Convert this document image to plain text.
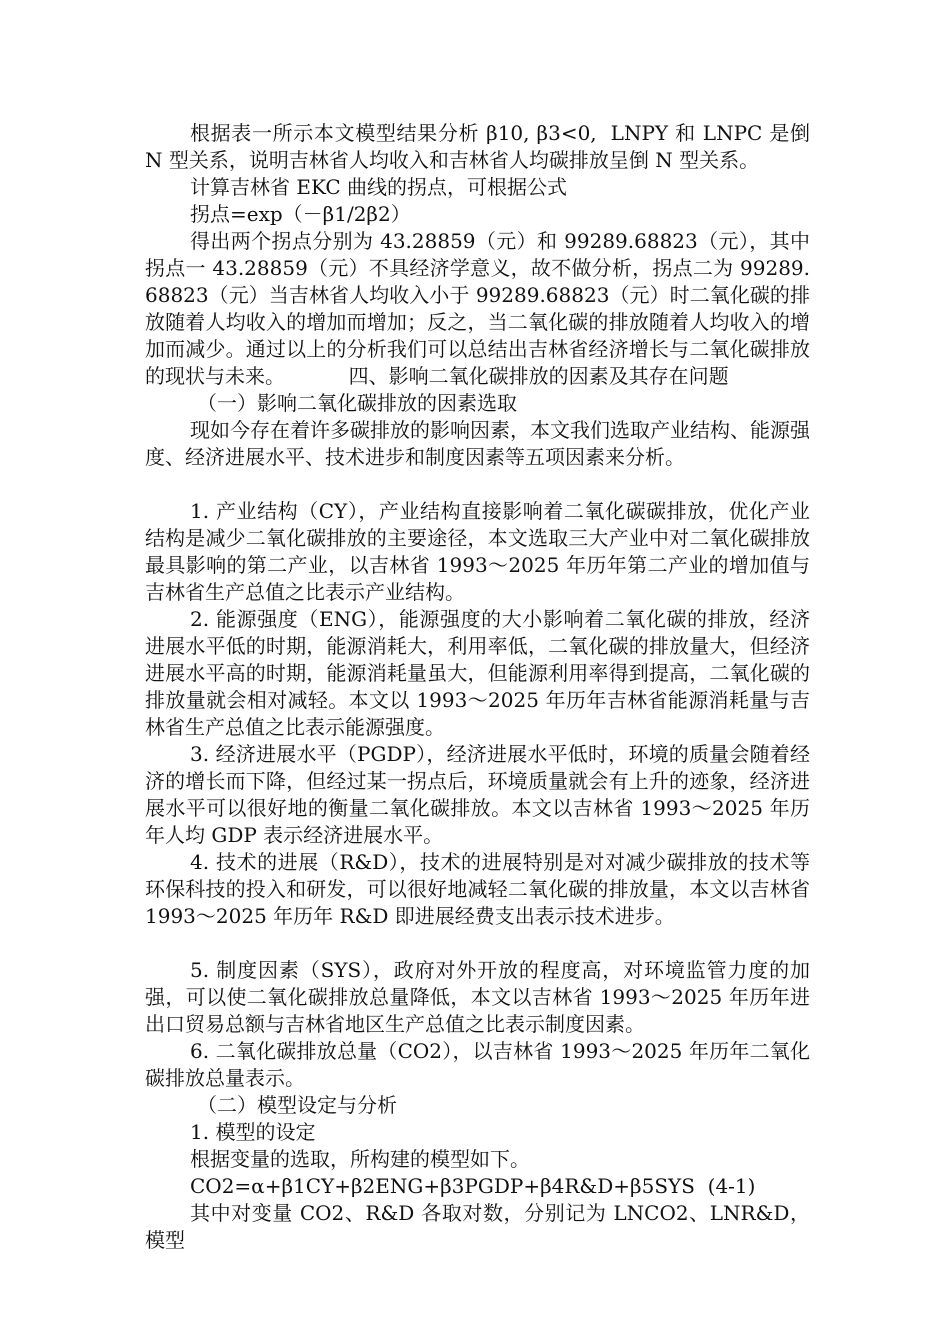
根据表一所示本文模型结果分析 β10, β3<0,  LNPY 和 LNPC 是倒 N 型关系，说明吉林省人均收入和吉林省人均碳排放呈倒 N 型关系。

计算吉林省 EKC 曲线的拐点，可根据公式

拐点=exp（－β1/2β2）

得出两个拐点分别为 43.28859（元）和 99289.68823（元），其中拐点一 43.28859（元）不具经济学意义，故不做分析，拐点二为 99289.68823（元）当吉林省人均收入小于 99289.68823（元）时二氧化碳的排放随着人均收入的增加而增加；反之，当二氧化碳的排放随着人均收入的增加而减少。通过以上的分析我们可以总结出吉林省经济增长与二氧化碳排放的现状与未来。          四、影响二氧化碳排放的因素及其存在问题

（一）影响二氧化碳排放的因素选取

现如今存在着许多碳排放的影响因素，本文我们选取产业结构、能源强度、经济进展水平、技术进步和制度因素等五项因素来分析。

1. 产业结构（CY），产业结构直接影响着二氧化碳碳排放，优化产业结构是减少二氧化碳排放的主要途径，本文选取三大产业中对二氧化碳排放最具影响的第二产业，以吉林省 1993～2025 年历年第二产业的增加值与吉林省生产总值之比表示产业结构。

2. 能源强度（ENG），能源强度的大小影响着二氧化碳的排放，经济进展水平低的时期，能源消耗大，利用率低，二氧化碳的排放量大，但经济进展水平高的时期，能源消耗量虽大，但能源利用率得到提高，二氧化碳的排放量就会相对减轻。本文以 1993～2025 年历年吉林省能源消耗量与吉林省生产总值之比表示能源强度。

3. 经济进展水平（PGDP），经济进展水平低时，环境的质量会随着经济的增长而下降，但经过某一拐点后，环境质量就会有上升的迹象，经济进展水平可以很好地的衡量二氧化碳排放。本文以吉林省 1993～2025 年历年人均 GDP 表示经济进展水平。

4. 技术的进展（R&D），技术的进展特别是对对减少碳排放的技术等环保科技的投入和研发，可以很好地减轻二氧化碳的排放量，本文以吉林省 1993～2025 年历年 R&D 即进展经费支出表示技术进步。

5. 制度因素（SYS），政府对外开放的程度高，对环境监管力度的加强，可以使二氧化碳排放总量降低，本文以吉林省 1993～2025 年历年进出口贸易总额与吉林省地区生产总值之比表示制度因素。

6. 二氧化碳排放总量（CO2），以吉林省 1993～2025 年历年二氧化碳排放总量表示。

（二）模型设定与分析

1. 模型的设定

根据变量的选取，所构建的模型如下。

CO2=α+β1CY+β2ENG+β3PGDP+β4R&D+β5SYS  (4-1)

其中对变量 CO2、R&D 各取对数，分别记为 LNCO2、LNR&D，模型
